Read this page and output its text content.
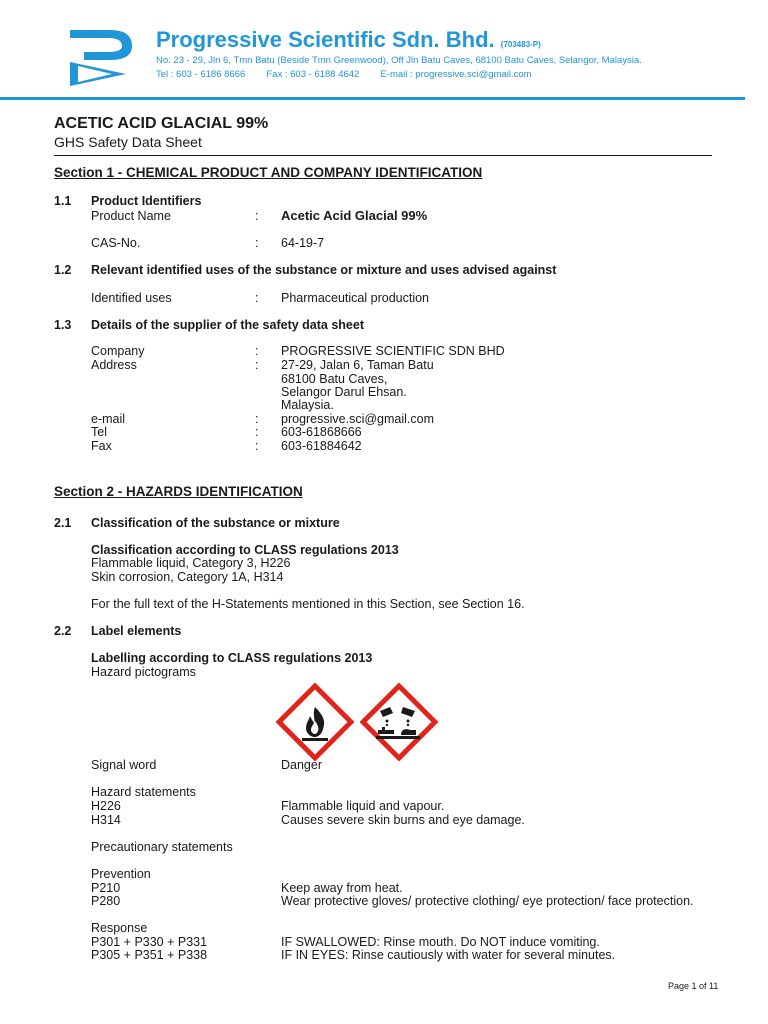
Progressive Scientific Sdn. Bhd. (703483-P)
No. 23 - 29, Jln 6, Tmn Batu (Beside Tmn Greenwood), Off Jln Batu Caves, 68100 Batu Caves, Selangor, Malaysia.
Tel : 603 - 6186 8666        Fax : 603 - 6188 4642        E-mail : progressive.sci@gmail.com
ACETIC ACID GLACIAL 99%
GHS Safety Data Sheet
Section 1 - CHEMICAL PRODUCT AND COMPANY IDENTIFICATION
1.1 Product Identifiers
Product Name	: Acetic Acid Glacial 99%
CAS-No.	: 64-19-7
1.2 Relevant identified uses of the substance or mixture and uses advised against
Identified uses	: Pharmaceutical production
1.3 Details of the supplier of the safety data sheet
Company	: PROGRESSIVE SCIENTIFIC SDN BHD
Address	: 27-29, Jalan 6, Taman Batu
68100 Batu Caves,
Selangor Darul Ehsan.
Malaysia.
e-mail	: progressive.sci@gmail.com
Tel	: 603-61868666
Fax	: 603-61884642
Section 2 - HAZARDS IDENTIFICATION
2.1 Classification of the substance or mixture
Classification according to CLASS regulations 2013
Flammable liquid, Category 3, H226
Skin corrosion, Category 1A, H314
For the full text of the H-Statements mentioned in this Section, see Section 16.
2.2 Label elements
Labelling according to CLASS regulations 2013
Hazard pictograms
Signal word	Danger
Hazard statements
H226	Flammable liquid and vapour.
H314	Causes severe skin burns and eye damage.
Precautionary statements
Prevention
P210	Keep away from heat.
P280	Wear protective gloves/ protective clothing/ eye protection/ face protection.
Response
P301 + P330 + P331	IF SWALLOWED: Rinse mouth. Do NOT induce vomiting.
P305 + P351 + P338	IF IN EYES: Rinse cautiously with water for several minutes.
Page 1 of 11
